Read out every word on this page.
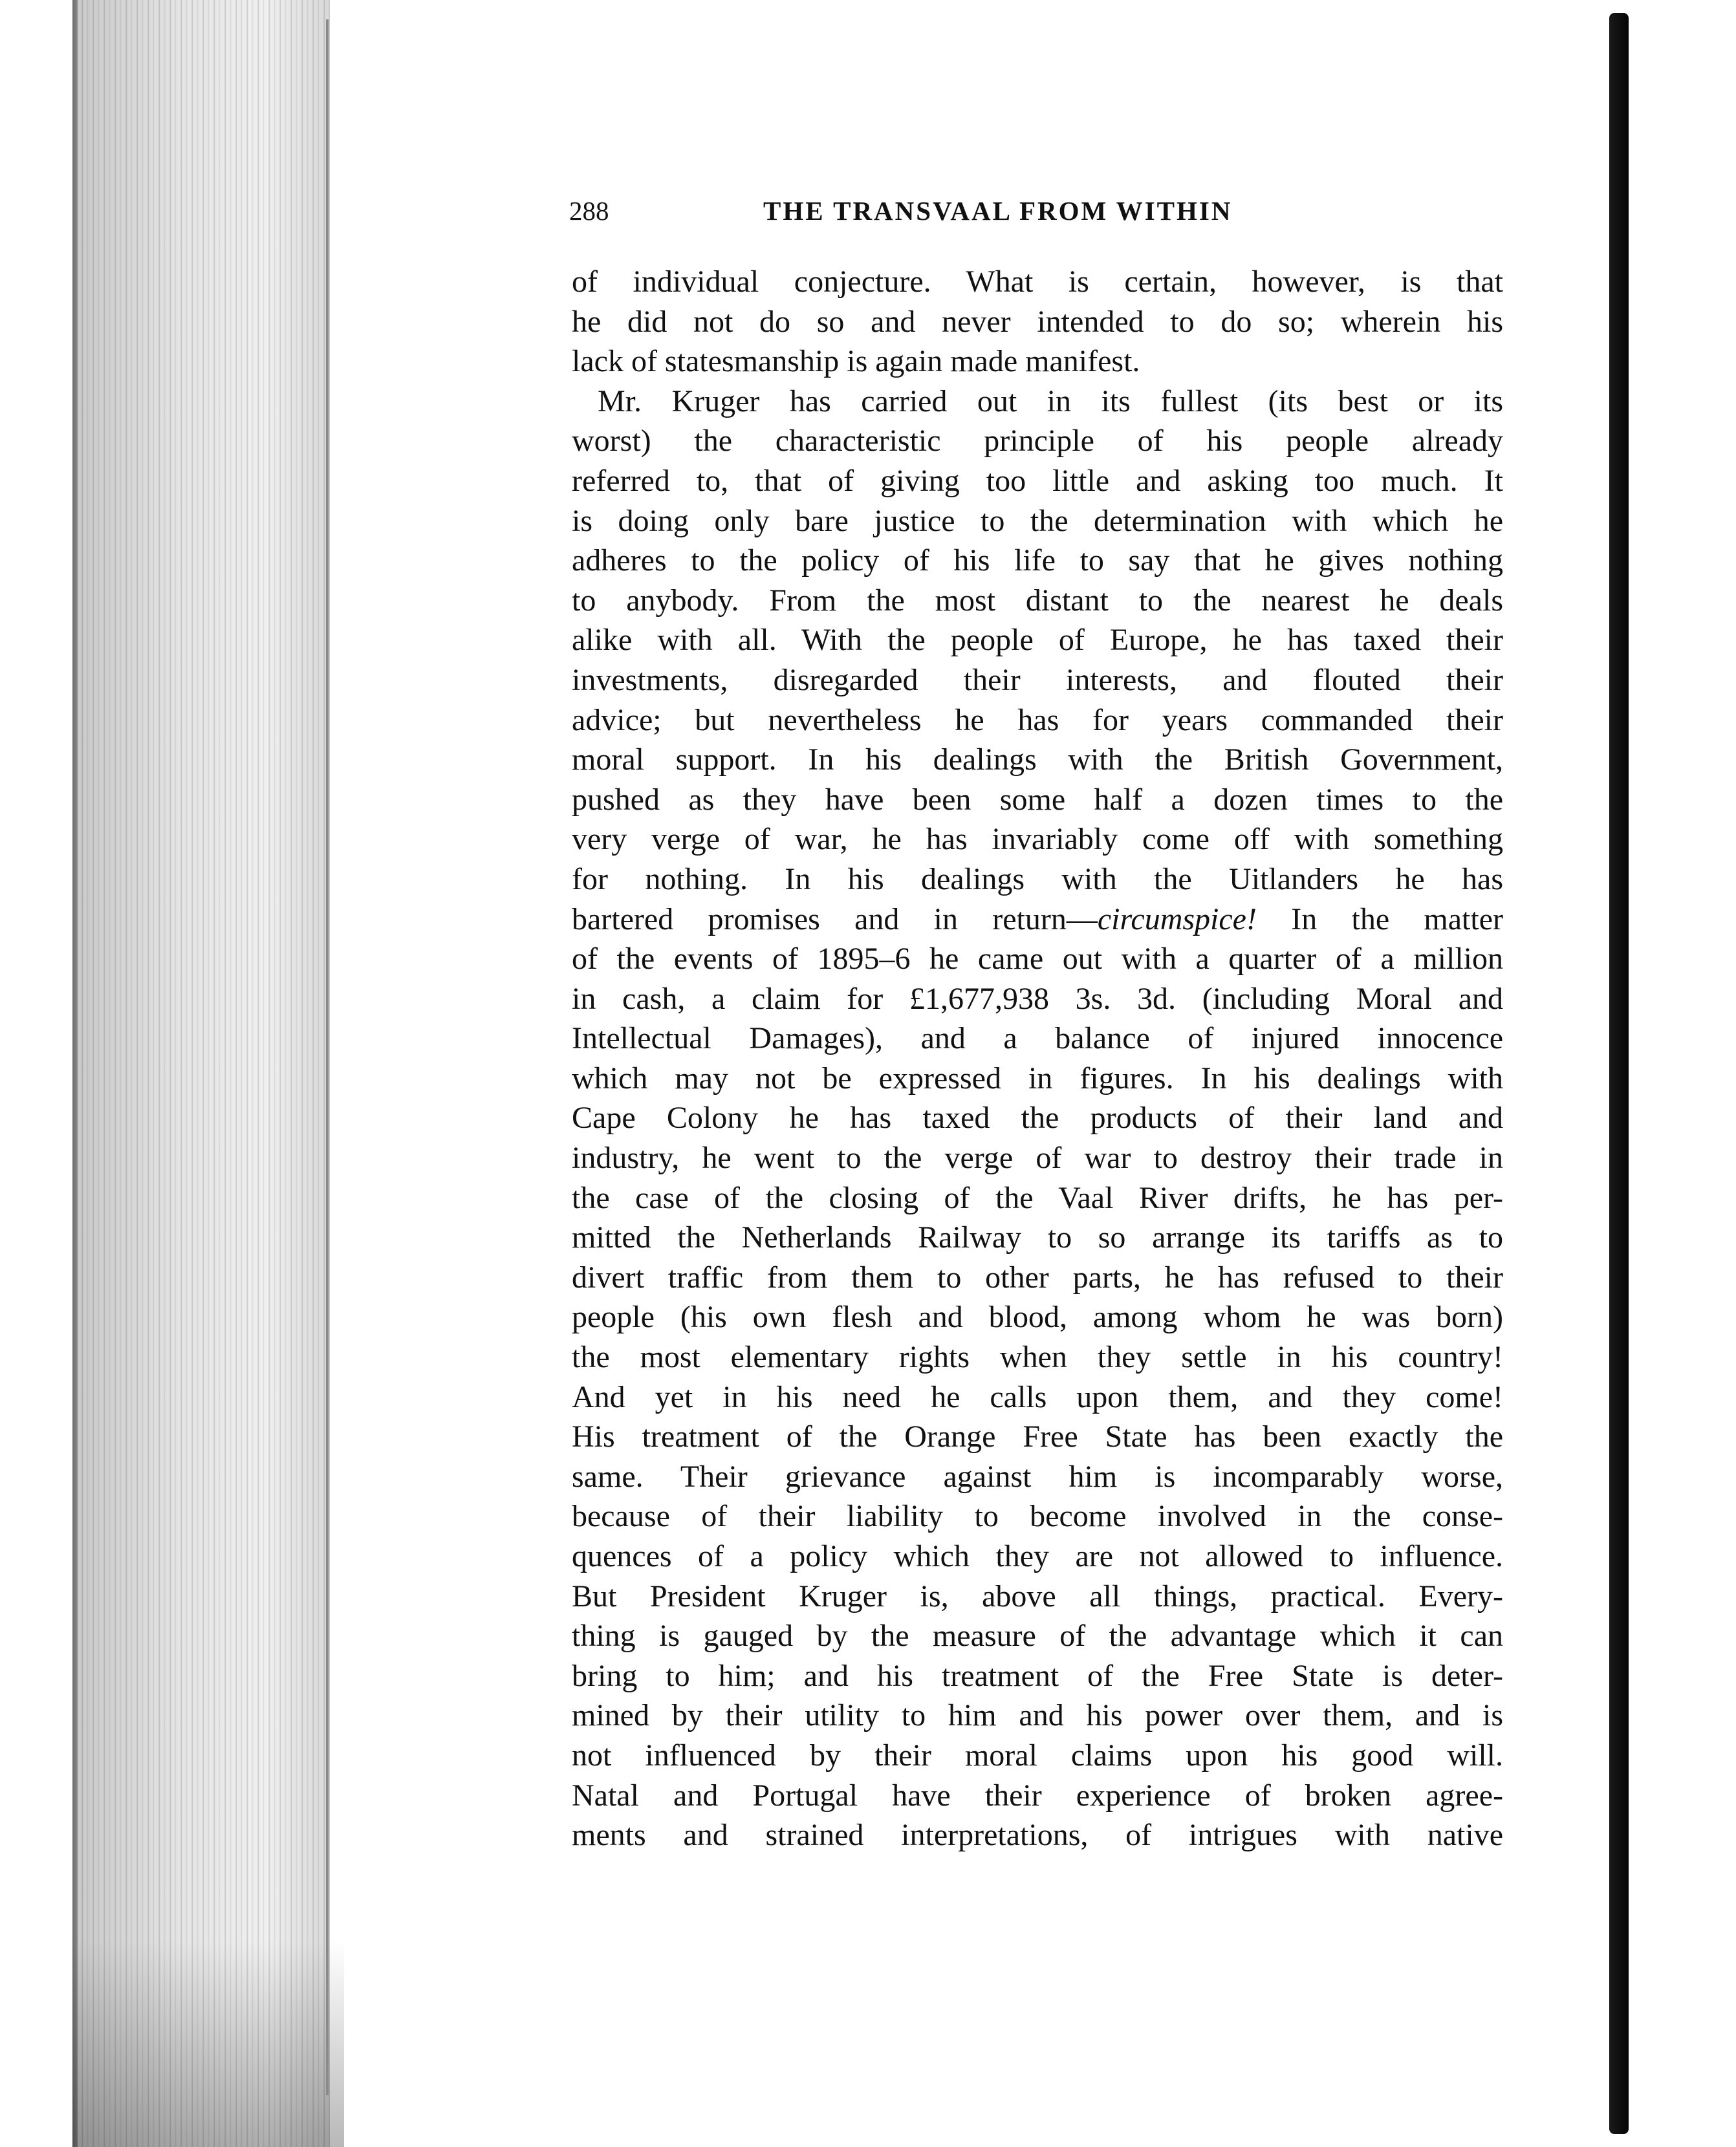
288	THE TRANSVAAL FROM WITHIN
of individual conjecture. What is certain, however, is that
he did not do so and never intended to do so; wherein his
lack of statesmanship is again made manifest.
Mr. Kruger has carried out in its fullest (its best or its
worst) the characteristic principle of his people already
referred to, that of giving too little and asking too much. It
is doing only bare justice to the determination with which he
adheres to the policy of his life to say that he gives nothing
to anybody. From the most distant to the nearest he deals
alike with all. With the people of Europe, he has taxed their
investments, disregarded their interests, and flouted their
advice; but nevertheless he has for years commanded their
moral support. In his dealings with the British Government,
pushed as they have been some half a dozen times to the
very verge of war, he has invariably come off with something
for nothing. In his dealings with the Uitlanders he has
bartered promises and in return—circumspice! In the matter
of the events of 1895–6 he came out with a quarter of a million
in cash, a claim for £1,677,938 3s. 3d. (including Moral and
Intellectual Damages), and a balance of injured innocence
which may not be expressed in figures. In his dealings with
Cape Colony he has taxed the products of their land and
industry, he went to the verge of war to destroy their trade in
the case of the closing of the Vaal River drifts, he has per-
mitted the Netherlands Railway to so arrange its tariffs as to
divert traffic from them to other parts, he has refused to their
people (his own flesh and blood, among whom he was born)
the most elementary rights when they settle in his country!
And yet in his need he calls upon them, and they come!
His treatment of the Orange Free State has been exactly the
same. Their grievance against him is incomparably worse,
because of their liability to become involved in the conse-
quences of a policy which they are not allowed to influence.
But President Kruger is, above all things, practical. Every-
thing is gauged by the measure of the advantage which it can
bring to him; and his treatment of the Free State is deter-
mined by their utility to him and his power over them, and is
not influenced by their moral claims upon his good will.
Natal and Portugal have their experience of broken agree-
ments and strained interpretations, of intrigues with native
